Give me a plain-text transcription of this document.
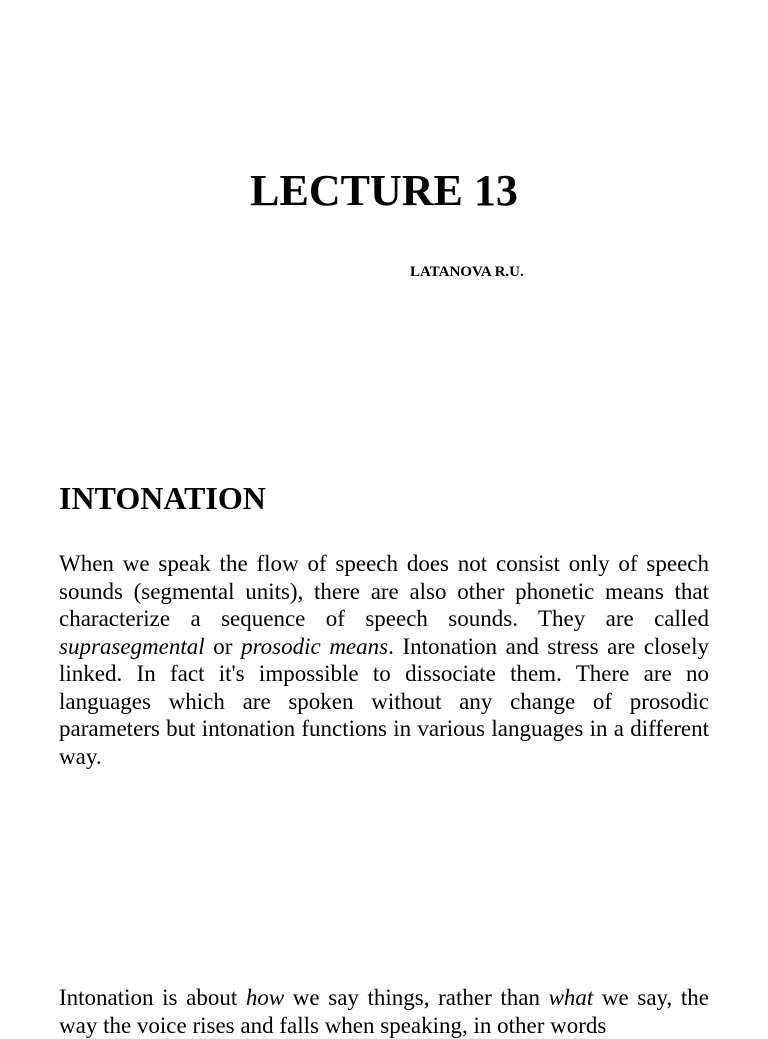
LECTURE 13

LATANOVA R.U.

INTONATION

When we speak the flow of speech does not consist only of speech sounds (segmental units), there are also other phonetic means that characterize a sequence of speech sounds. They are called suprasegmental or prosodic means. Intonation and stress are closely linked. In fact it's impossible to dissociate them. There are no languages which are spoken without any change of prosodic parameters but intonation functions in various languages in a different way.

Intonation is about how we say things, rather than what we say, the way the voice rises and falls when speaking, in other words
